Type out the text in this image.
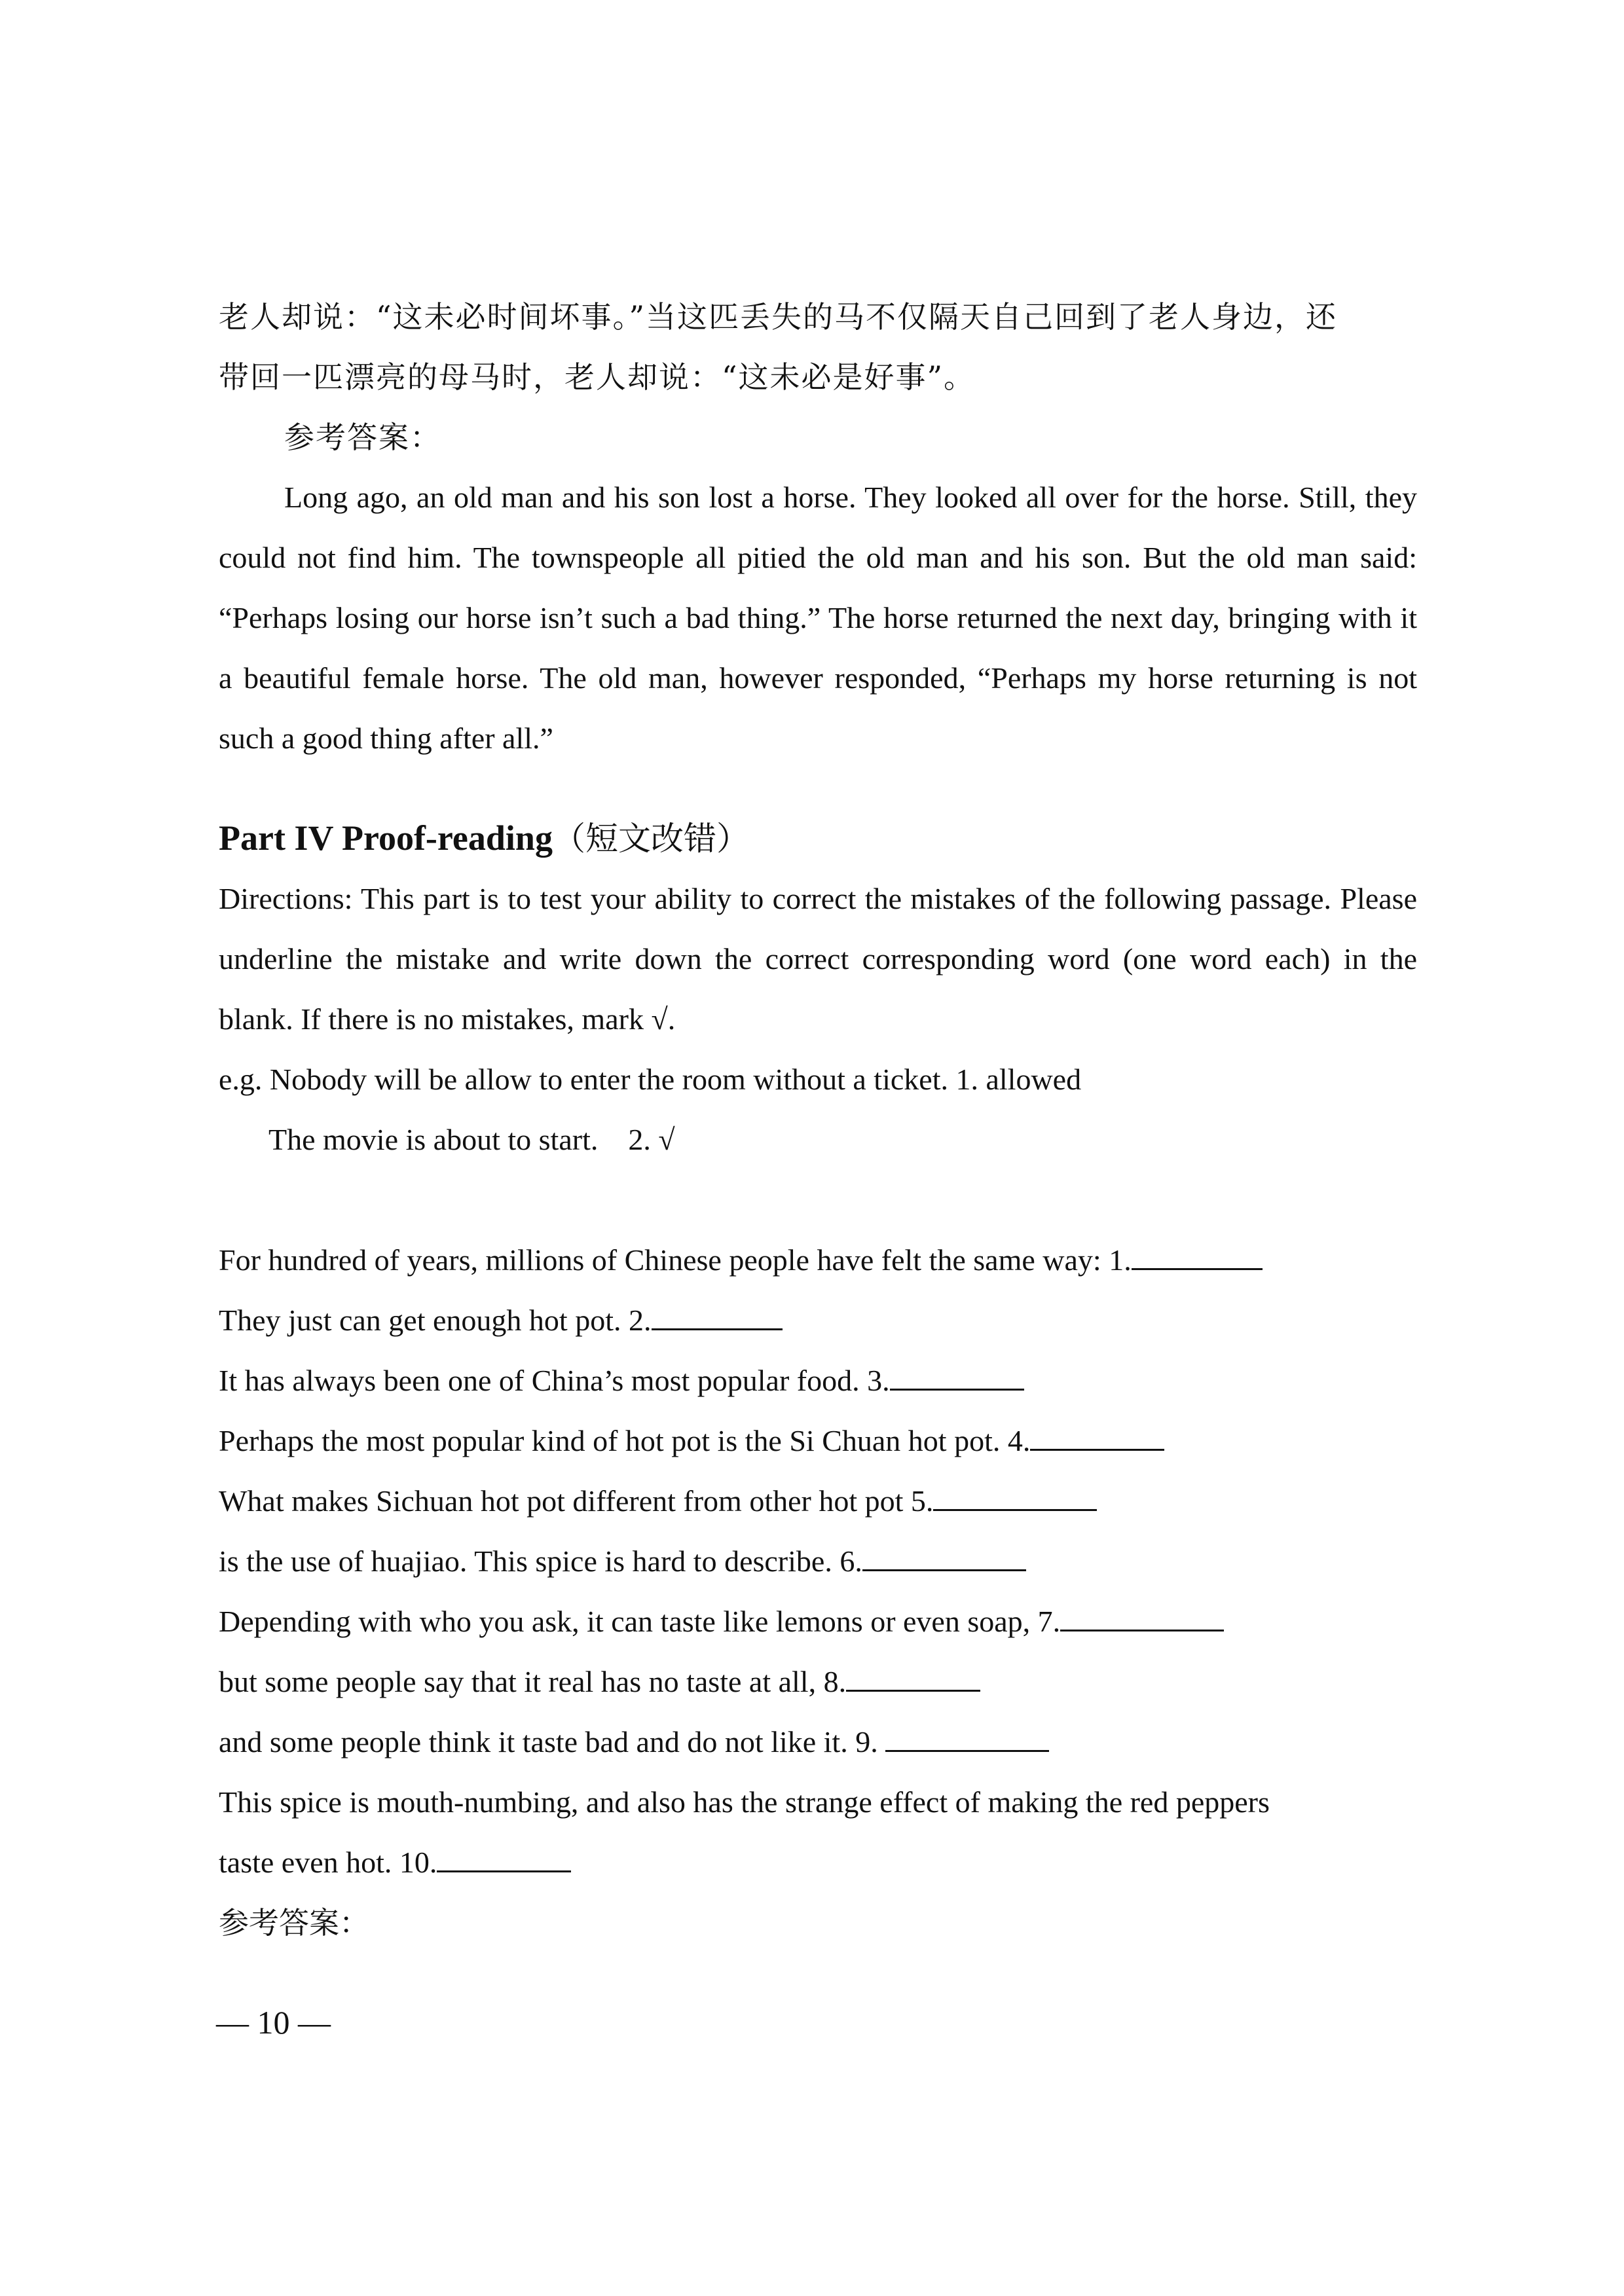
老人却说：“这未必时间坏事。”当这匹丢失的马不仅隔天自己回到了老人身边，还

带回一匹漂亮的母马时，老人却说：“这未必是好事”。

参考答案：

Long ago, an old man and his son lost a horse. They looked all over for the horse. Still, they could not find him. The townspeople all pitied the old man and his son. But the old man said: “Perhaps losing our horse isn’t such a bad thing.” The horse returned the next day, bringing with it a beautiful female horse. The old man, however responded, “Perhaps my horse returning is not such a good thing after all.”

Part IV Proof-reading（短文改错）

Directions: This part is to test your ability to correct the mistakes of the following passage. Please underline the mistake and write down the correct corresponding word (one word each) in the blank. If there is no mistakes, mark √.

e.g. Nobody will be allow to enter the room without a ticket. 1. allowed

The movie is about to start.    2. √

For hundred of years, millions of Chinese people have felt the same way: 1.

They just can get enough hot pot. 2.

It has always been one of China’s most popular food. 3.

Perhaps the most popular kind of hot pot is the Si Chuan hot pot. 4.

What makes Sichuan hot pot different from other hot pot 5.

is the use of huajiao. This spice is hard to describe. 6.

Depending with who you ask, it can taste like lemons or even soap, 7.

but some people say that it real has no taste at all, 8.

and some people think it taste bad and do not like it. 9.

This spice is mouth-numbing, and also has the strange effect of making the red peppers

taste even hot. 10.

参考答案：

— 10 —
